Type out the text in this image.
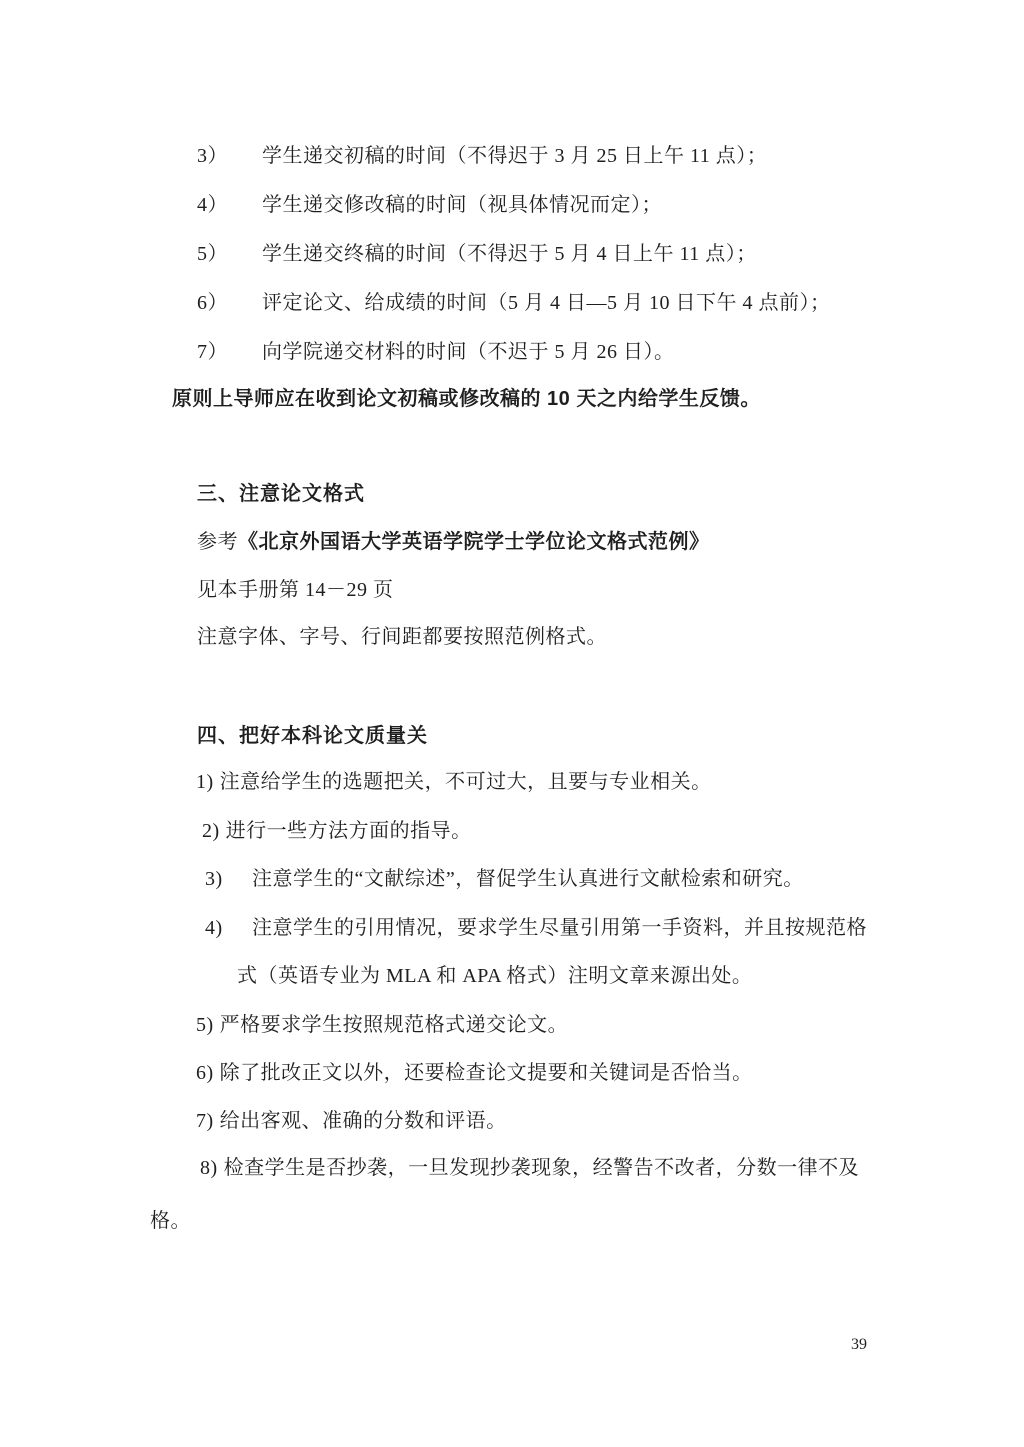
3） 学生递交初稿的时间（不得迟于 3 月 25 日上午 11 点）；
4） 学生递交修改稿的时间（视具体情况而定）；
5） 学生递交终稿的时间（不得迟于 5 月 4 日上午 11 点）；
6） 评定论文、给成绩的时间（5 月 4 日—5 月 10 日下午 4 点前）；
7） 向学院递交材料的时间（不迟于 5 月 26 日）。
原则上导师应在收到论文初稿或修改稿的 10 天之内给学生反馈。
三、注意论文格式
参考《北京外国语大学英语学院学士学位论文格式范例》
见本手册第 14－29 页
注意字体、字号、行间距都要按照范例格式。
四、把好本科论文质量关
1) 注意给学生的选题把关，不可过大，且要与专业相关。
2) 进行一些方法方面的指导。
3) 注意学生的“文献综述”，督促学生认真进行文献检索和研究。
4) 注意学生的引用情况，要求学生尽量引用第一手资料，并且按规范格
式（英语专业为 MLA 和 APA 格式）注明文章来源出处。
5) 严格要求学生按照规范格式递交论文。
6) 除了批改正文以外，还要检查论文提要和关键词是否恰当。
7) 给出客观、准确的分数和评语。
8) 检查学生是否抄袭，一旦发现抄袭现象，经警告不改者，分数一律不及
格。
39
